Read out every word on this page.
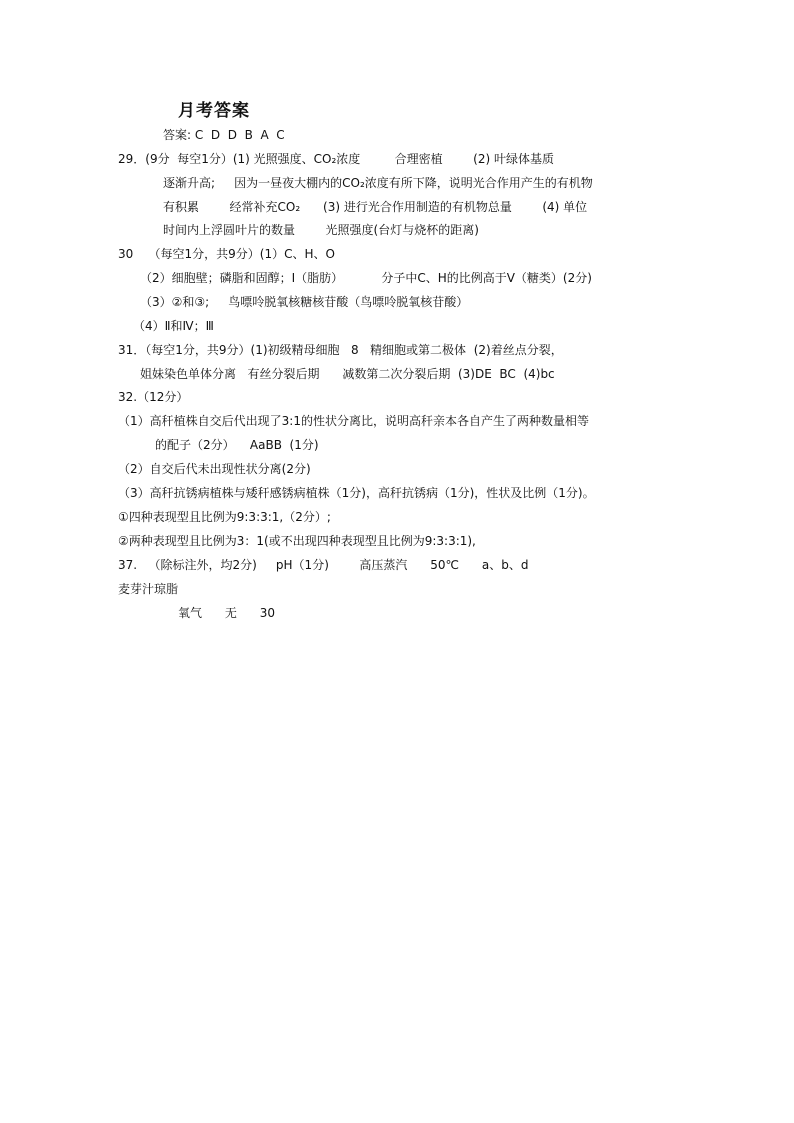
月考答案
答案: C  D  D  B  A  C
29．(9分  每空1分）(1) 光照强度、CO₂浓度         合理密植        (2) 叶绿体基质
逐渐升高;     因为一昼夜大棚内的CO₂浓度有所下降，说明光合作用产生的有机物
有积累        经常补充CO₂      (3) 进行光合作用制造的有机物总量        (4) 单位
时间内上浮圆叶片的数量        光照强度(台灯与烧杯的距离)
30    （每空1分，共9分）(1）C、H、O
（2）细胞壁；磷脂和固醇；Ⅰ（脂肪）          分子中C、H的比例高于Ⅴ（糖类）(2分)
（3）②和③;     鸟嘌呤脱氧核糖核苷酸（鸟嘌呤脱氧核苷酸）
（4）Ⅱ和Ⅳ；Ⅲ
31．（每空1分，共9分）(1)初级精母细胞   8   精细胞或第二极体  (2)着丝点分裂，
姐妹染色单体分离   有丝分裂后期      减数第二次分裂后期  (3)DE  BC  (4)bc
32.（12分）
（1）高秆植株自交后代出现了3:1的性状分离比，说明高秆亲本各自产生了两种数量相等
的配子（2分）    AaBB  (1分)
（2）自交后代未出现性状分离(2分)
（3）高秆抗锈病植株与矮秆感锈病植株（1分)，高秆抗锈病（1分)，性状及比例（1分)。
①四种表现型且比例为9:3:3:1,（2分）;
②两种表现型且比例为3：1(或不出现四种表现型且比例为9:3:3:1),
37.   （除标注外，均2分)     pH（1分)        高压蒸汽      50℃      a、b、d
麦芽汁琼脂
氧气      无      30
